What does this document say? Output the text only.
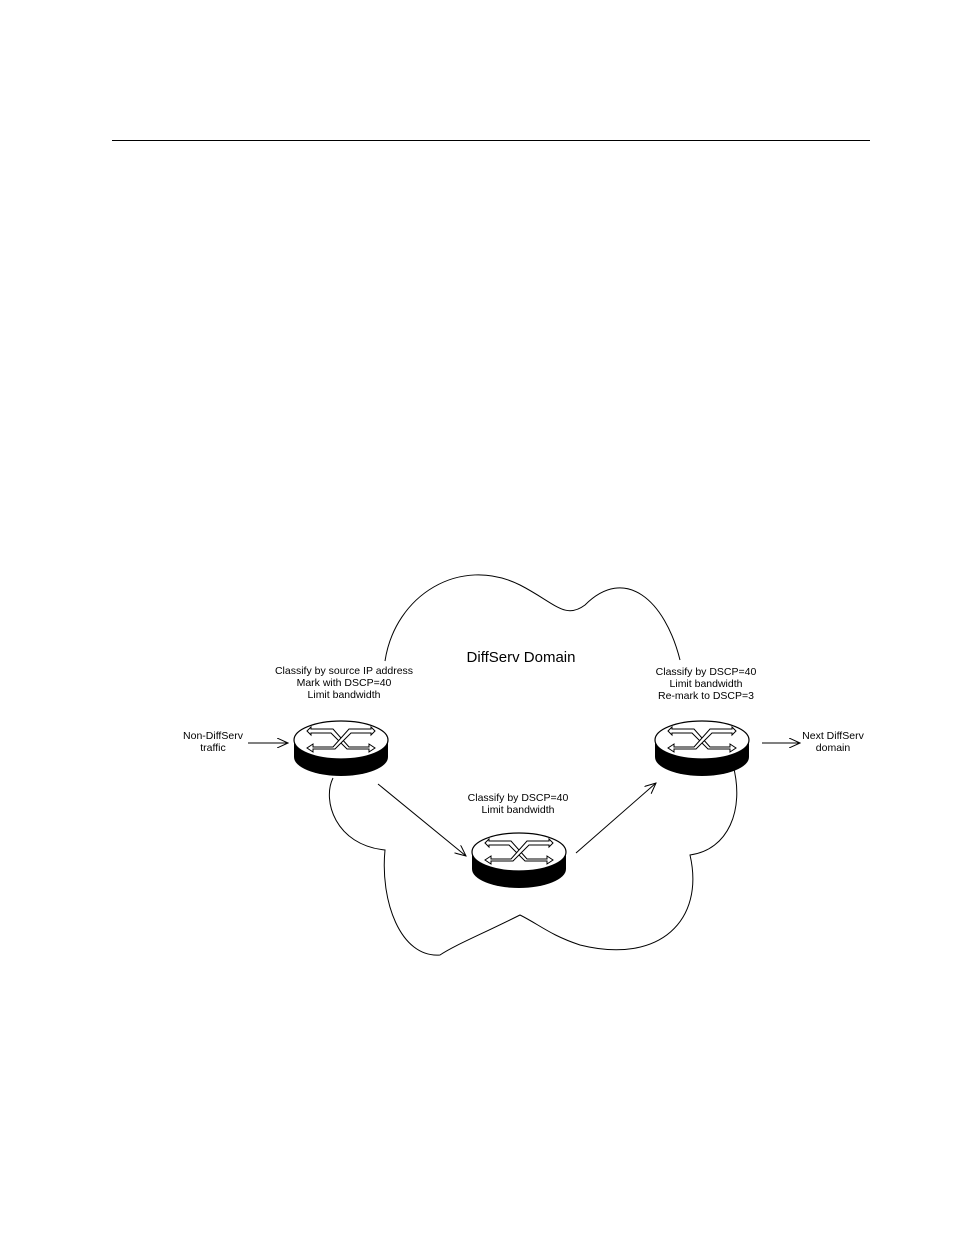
DiffServ Domain
Classify by source IP address
Mark with DSCP=40
Limit bandwidth
Classify by DSCP=40
Limit bandwidth
Classify by DSCP=40
Limit bandwidth
Re-mark to DSCP=3
Non-DiffServ
traffic
Next DiffServ
domain
